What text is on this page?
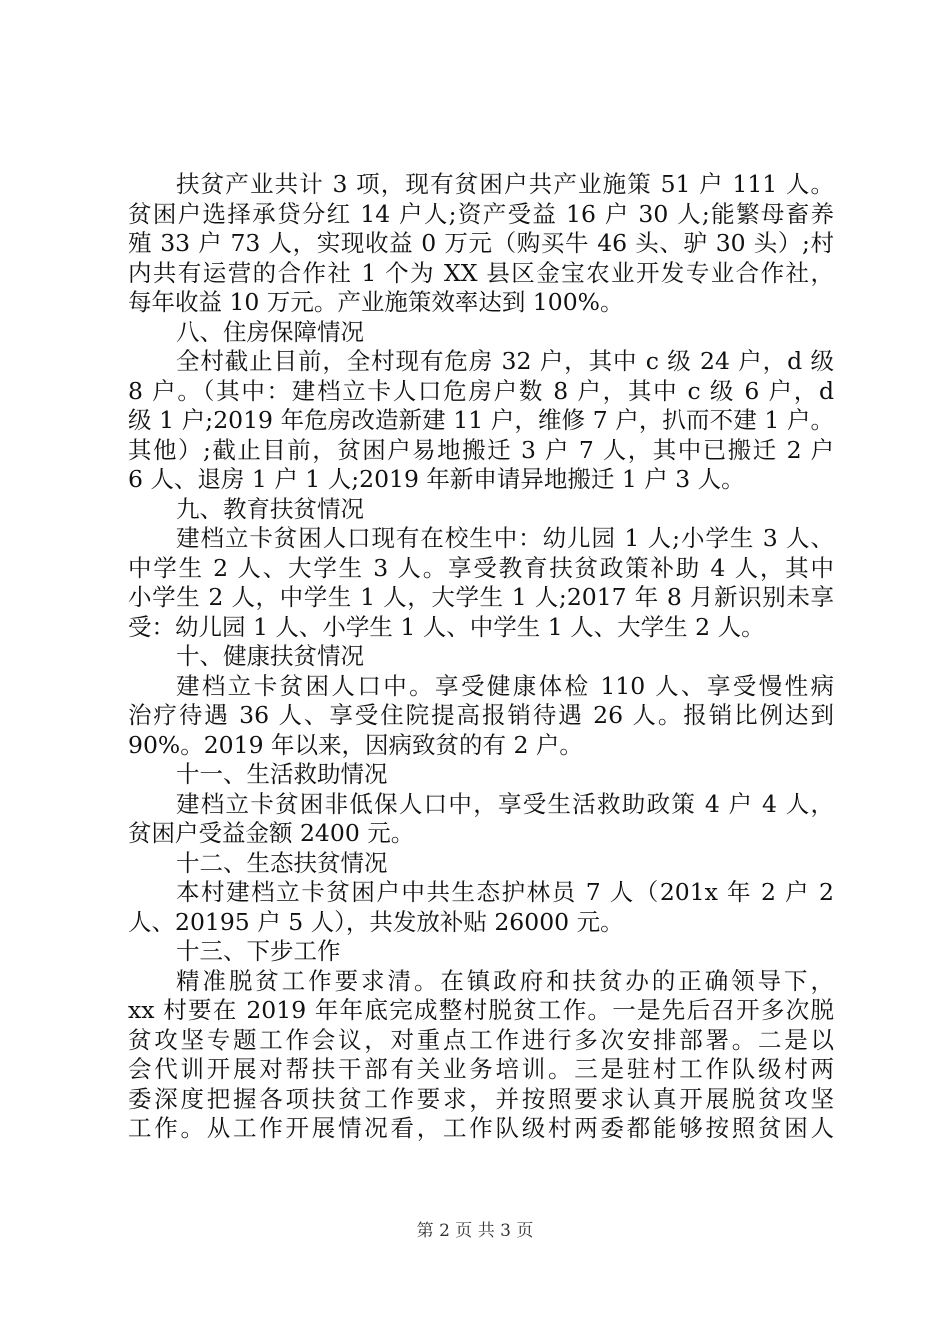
扶贫产业共计 3 项，现有贫困户共产业施策 51 户 111 人。
贫困户选择承贷分红 14 户人;资产受益 16 户 30 人;能繁母畜养
殖 33 户 73 人，实现收益 0 万元（购买牛 46 头、驴 30 头）;村
内共有运营的合作社 1 个为 XX 县区金宝农业开发专业合作社，
每年收益 10 万元。产业施策效率达到 100%。
八、住房保障情况
全村截止目前，全村现有危房 32 户，其中 c 级 24 户，d 级
8 户。（其中：建档立卡人口危房户数 8 户，其中 c 级 6 户，d
级 1 户;2019 年危房改造新建 11 户，维修 7 户，扒而不建 1 户。
其他）;截止目前，贫困户易地搬迁 3 户 7 人，其中已搬迁 2 户
6 人、退房 1 户 1 人;2019 年新申请异地搬迁 1 户 3 人。
九、教育扶贫情况
建档立卡贫困人口现有在校生中：幼儿园 1 人;小学生 3 人、
中学生 2 人、大学生 3 人。享受教育扶贫政策补助 4 人，其中
小学生 2 人，中学生 1 人，大学生 1 人;2017 年 8 月新识别未享
受：幼儿园 1 人、小学生 1 人、中学生 1 人、大学生 2 人。
十、健康扶贫情况
建档立卡贫困人口中。享受健康体检 110 人、享受慢性病
治疗待遇 36 人、享受住院提高报销待遇 26 人。报销比例达到
90%。2019 年以来，因病致贫的有 2 户。
十一、生活救助情况
建档立卡贫困非低保人口中，享受生活救助政策 4 户 4 人，
贫困户受益金额 2400 元。
十二、生态扶贫情况
本村建档立卡贫困户中共生态护林员 7 人（201x 年 2 户 2
人、20195 户 5 人），共发放补贴 26000 元。
十三、下步工作
精准脱贫工作要求清。在镇政府和扶贫办的正确领导下，
xx 村要在 2019 年年底完成整村脱贫工作。一是先后召开多次脱
贫攻坚专题工作会议，对重点工作进行多次安排部署。二是以
会代训开展对帮扶干部有关业务培训。三是驻村工作队级村两
委深度把握各项扶贫工作要求，并按照要求认真开展脱贫攻坚
工作。从工作开展情况看，工作队级村两委都能够按照贫困人
第 2 页 共 3 页
